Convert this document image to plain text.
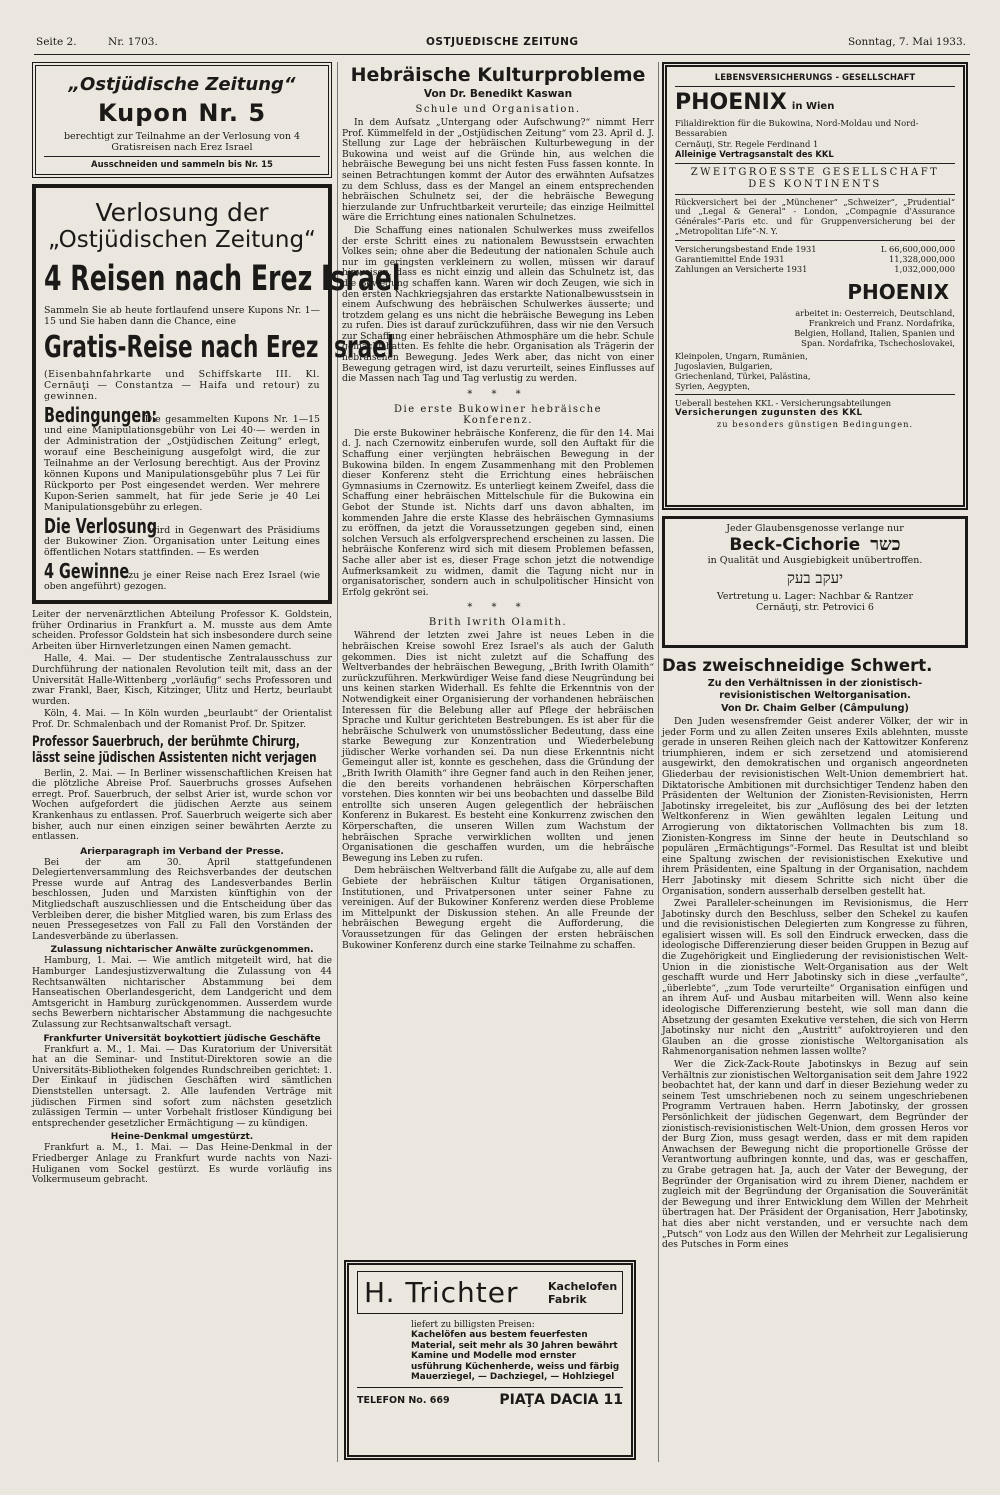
Seite 2.	Nr. 1703.	OSTJUEDISCHE ZEITUNG	Sonntag, 7. Mai 1933.
„Ostjüdische Zeitung“
Kupon Nr. 5

berechtigt zur Teilnahme an der Verlosung von 4 Gratisreisen nach Erez Israel

Ausschneiden und sammeln bis Nr. 15
Verlosung der
„Ostjüdischen Zeitung“
4 Reisen nach Erez Israel

Sammeln Sie ab heute fortlaufend unsere Kupons Nr. 1—15 und Sie haben dann die Chance, eine

Gratis-Reise nach Erez Israel

(Eisenbahnfahrkarte und Schiffskarte III. Kl. Cernăuţi — Constantza — Haifa und retour) zu gewinnen.

Bedingungen: Die gesammelten Kupons Nr. 1—15 und eine Manipulationsgebühr von Lei 40·— werden in der Administration der „Ostjüdischen Zeitung“ erlegt, worauf eine Bescheinigung ausgefolgt wird, die zur Teilnahme an der Verlosung berechtigt. Aus der Provinz können Kupons und Manipulationsgebühr plus 7 Lei für Rückporto per Post eingesendet werden. Wer mehrere Kupon-Serien sammelt, hat für jede Serie je 40 Lei Manipulationsgebühr zu erlegen.

Die Verlosung wird in Gegenwart des Präsidiums der Bukowiner Zion. Organisation unter Leitung eines öffentlichen Notars stattfinden. — Es werden

4 Gewinne zu je einer Reise nach Erez Israel (wie oben angeführt) gezogen.

Leiter der nervenärztlichen Abteilung Professor K. Goldstein, früher Ordinarius in Frankfurt a. M. musste aus dem Amte scheiden. Professor Goldstein hat sich insbesondere durch seine Arbeiten über Hirnverletzungen einen Namen gemacht.

Halle, 4. Mai. — Der studentische Zentralausschuss zur Durchführung der nationalen Revolution teilt mit, dass an der Universität Halle-Wittenberg „vorläufig“ sechs Professoren und zwar Frankl, Baer, Kisch, Kitzinger, Ulitz und Hertz, beurlaubt wurden.

Köln, 4. Mai. — In Köln wurden „beurlaubt“ der Orientalist Prof. Dr. Schmalenbach und der Romanist Prof. Dr. Spitzer.

Professor Sauerbruch, der berühmte Chirurg, lässt seine jüdischen Assistenten nicht verjagen

Berlin, 2. Mai. — In Berliner wissenschaftlichen Kreisen hat die plötzliche Abreise Prof. Sauerbruchs grosses Aufsehen erregt. Prof. Sauerbruch, der selbst Arier ist, wurde schon vor Wochen aufgefordert die jüdischen Aerzte aus seinem Krankenhaus zu entlassen. Prof. Sauerbruch weigerte sich aber bisher, auch nur einen einzigen seiner bewährten Aerzte zu entlassen.

Arierparagraph im Verband der Presse.

Bei der am 30. April stattgefundenen Delegiertenversammlung des Reichsverbandes der deutschen Presse wurde auf Antrag des Landesverbandes Berlin beschlossen, Juden und Marxisten künftighin von der Mitgliedschaft auszuschliessen und die Entscheidung über das Verbleiben derer, die bisher Mitglied waren, bis zum Erlass des neuen Pressegesetzes von Fall zu Fall den Vorständen der Landesverbände zu überlassen.

Zulassung nichtarischer Anwälte zurückgenommen.

Hamburg, 1. Mai. — Wie amtlich mitgeteilt wird, hat die Hamburger Landesjustizverwaltung die Zulassung von 44 Rechtsanwälten nichtarischer Abstammung bei dem Hanseatischen Oberlandesgericht, dem Landgericht und dem Amtsgericht in Hamburg zurückgenommen. Ausserdem wurde sechs Bewerbern nichtarischer Abstammung die nachgesuchte Zulassung zur Rechtsanwaltschaft versagt.

Frankfurter Universität boykottiert jüdische Geschäfte

Frankfurt a. M., 1. Mai. — Das Kuratorium der Universität hat an die Seminar- und Institut-Direktoren sowie an die Universitäts-Bibliotheken folgendes Rundschreiben gerichtet: 1. Der Einkauf in jüdischen Geschäften wird sämtlichen Dienststellen untersagt. 2. Alle laufenden Verträge mit jüdischen Firmen sind sofort zum nächsten gesetzlich zulässigen Termin — unter Vorbehalt fristloser Kündigung bei entsprechender gesetzlicher Ermächtigung — zu kündigen.

Heine-Denkmal umgestürzt.

Frankfurt a. M., 1. Mai. — Das Heine-Denkmal in der Friedberger Anlage zu Frankfurt wurde nachts von Nazi-Huliganen vom Sockel gestürzt. Es wurde vorläufig ins Volkermuseum gebracht.

Hebräische Kulturprobleme
Von Dr. Benedikt Kaswan
Schule und Organisation.

In dem Aufsatz „Untergang oder Aufschwung?“ nimmt Herr Prof. Kümmelfeld in der „Ostjüdischen Zeitung“ vom 23. April d. J. Stellung zur Lage der hebräischen Kulturbewegung in der Bukowina und weist auf die Gründe hin, aus welchen die hebräische Bewegung bei uns nicht festen Fuss fassen konnte. In seinen Betrachtungen kommt der Autor des erwähnten Aufsatzes zu dem Schluss, dass es der Mangel an einem entsprechenden hebräischen Schulnetz sei, der die hebräische Bewegung hierzulande zur Unfruchtbarkeit verurteile; das einzige Heilmittel wäre die Errichtung eines nationalen Schulnetzes.

Die Schaffung eines nationalen Schulwerkes muss zweifellos der erste Schritt eines zu nationalem Bewusstsein erwachten Volkes sein; ohne aber die Bedeutung der nationalen Schule auch nur im geringsten verkleinern zu wollen, müssen wir darauf hinweisen, dass es nicht einzig und allein das Schulnetz ist, das die Bewegung schaffen kann. Waren wir doch Zeugen, wie sich in den ersten Nachkriegsjahren das erstarkte Nationalbewusstsein in einem Aufschwung des hebräischen Schulwerkes äusserte; und trotzdem gelang es uns nicht die hebräische Bewegung ins Leben zu rufen. Dies ist darauf zurückzuführen, dass wir nie den Versuch zur Schaffung einer hebräischen Athmosphäre um die hebr. Schule gemacht hatten. Es fehlte die hebr. Organisation als Trägerin der hebräischen Bewegung. Jedes Werk aber, das nicht von einer Bewegung getragen wird, ist dazu verurteilt, seines Einflusses auf die Massen nach Tag und Tag verlustig zu werden.

* * *
Die erste Bukowiner hebräische Konferenz.

Die erste Bukowiner hebräische Konferenz, die für den 14. Mai d. J. nach Czernowitz einberufen wurde, soll den Auftakt für die Schaffung einer verjüngten hebräischen Bewegung in der Bukowina bilden. In engem Zusammenhang mit den Problemen dieser Konferenz steht die Errichtung eines hebräischen Gymnasiums in Czernowitz. Es unterliegt keinem Zweifel, dass die Schaffung einer hebräischen Mittelschule für die Bukowina ein Gebot der Stunde ist. Nichts darf uns davon abhalten, im kommenden Jahre die erste Klasse des hebräischen Gymnasiums zu eröffnen, da jetzt die Voraussetzungen gegeben sind, einen solchen Versuch als erfolgversprechend erscheinen zu lassen. Die hebräische Konferenz wird sich mit diesem Problemen befassen, Sache aller aber ist es, dieser Frage schon jetzt die notwendige Aufmerksamkeit zu widmen, damit die Tagung nicht nur in organisatorischer, sondern auch in schulpolitischer Hinsicht von Erfolg gekrönt sei.

* * *
Brith Iwrith Olamith.

Während der letzten zwei Jahre ist neues Leben in die hebräischen Kreise sowohl Erez Israel's als auch der Galuth gekommen. Dies ist nicht zuletzt auf die Schaffung des Weltverbandes der hebräischen Bewegung, „Brith Iwrith Olamith“ zurückzuführen. Merkwürdiger Weise fand diese Neugründung bei uns keinen starken Widerhall. Es fehlte die Erkenntnis von der Notwendigkeit einer Organisierung der vorhandenen hebräischen Interessen für die Belebung aller auf Pflege der hebräischen Sprache und Kultur gerichteten Bestrebungen. Es ist aber für die hebräische Schulwerk von unumstösslicher Bedeutung, dass eine starke Bewegung zur Konzentration und Wiederbelebung jüdischer Werke vorhanden sei. Da nun diese Erkenntnis nicht Gemeingut aller ist, konnte es geschehen, dass die Gründung der „Brith Iwrith Olamith“ ihre Gegner fand auch in den Reihen jener, die den bereits vorhandenen hebräischen Körperschaften vorstehen. Dies konnten wir bei uns beobachten und dasselbe Bild entrollte sich unseren Augen gelegentlich der hebräischen Konferenz in Bukarest. Es besteht eine Konkurrenz zwischen den Körperschaften, die unseren Willen zum Wachstum der hebräischen Sprache verwirklichen wollten und jenen Organisationen die geschaffen wurden, um die hebräische Bewegung ins Leben zu rufen.

Dem hebräischen Weltverband fällt die Aufgabe zu, alle auf dem Gebiete der hebräischen Kultur tätigen Organisationen, Institutionen, und Privatpersonen unter seiner Fahne zu vereinigen. Auf der Bukowiner Konferenz werden diese Probleme im Mittelpunkt der Diskussion stehen. An alle Freunde der hebräischen Bewegung ergeht die Aufforderung, die Voraussetzungen für das Gelingen der ersten hebräischen Bukowiner Konferenz durch eine starke Teilnahme zu schaffen.

H. Trichter	Kachelofen Fabrik

liefert zu billigsten Preisen:

Kachelöfen aus bestem feuerfesten Material, seit mehr als 30 Jahren bewährt

Kamine und Modelle mod ernster usführung Küchenherde, weiss und färbig

Mauerziegel, — Dachziegel, — Hohlziegel

TELEFON No. 669	PIAŢA DACIA 11
LEBENSVERSICHERUNGS - GESELLSCHAFT
PHOENIX in Wien

Filialdirektion für die Bukowina, Nord-Moldau und Nord-Bessarabien

Cernăuţi, Str. Regele Ferdinand 1

Alleinige Vertragsanstalt des KKL

ZWEITGROESSTE GESELLSCHAFT DES KONTINENTS

Rückversichert bei der „Münchener“ „Schweizer“, „Prudential“ und „Legal & General“ - London, „Compagnie d'Assurance Générales“-Paris etc. und für Gruppenversicherung bei der „Metropolitan Life“-N. Y.

Versicherungsbestand Ende 1931	L 66,600,000,000
Garantiemittel Ende 1931	11,328,000,000
Zahlungen an Versicherte 1931	1,032,000,000
PHOENIX

arbeitet in: Oesterreich, Deutschland, Frankreich und Franz. Nordafrika, Belgien, Holland, Italien, Spanien und Span. Nordafrika, Tschechoslovakei,

Kleinpolen, Ungarn, Rumänien, Jugoslavien, Bulgarien, Griechenland, Türkei, Palästina, Syrien, Aegypten,

Ueberall bestehen KKL - Versicherungsabteilungen

Versicherungen zugunsten des KKL

zu besonders günstigen Bedingungen.

Jeder Glaubensgenosse verlange nur
Beck-Cichorie כשר
in Qualität und Ausgiebigkeit unübertroffen.
יעקב בעק
Vertretung u. Lager: Nachbar & Rantzer
Cernăuţi, str. Petrovici 6
Das zweischneidige Schwert.
Zu den Verhältnissen in der zionistisch-revisionistischen Weltorganisation.
Von Dr. Chaim Gelber (Câmpulung)

Den Juden wesensfremder Geist anderer Völker, der wir in jeder Form und zu allen Zeiten unseres Exils ablehnten, musste gerade in unseren Reihen gleich nach der Kattowitzer Konferenz triumphieren, indem er sich zersetzend und atomisierend ausgewirkt, den demokratischen und organisch angeordneten Gliederbau der revisionistischen Welt-Union demembriert hat. Diktatorische Ambitionen mit durchsichtiger Tendenz haben den Präsidenten der Weltunion der Zionisten-Revisionisten, Herrn Jabotinsky irregeleitet, bis zur „Auflösung des bei der letzten Weltkonferenz in Wien gewählten legalen Leitung und Arrogierung von diktatorischen Vollmachten bis zum 18. Zionisten-Kongress im Sinne der heute in Deutschland so populären „Ermächtigungs“-Formel. Das Resultat ist und bleibt eine Spaltung zwischen der revisionistischen Exekutive und ihrem Präsidenten, eine Spaltung in der Organisation, nachdem Herr Jabotinsky mit diesem Schritte sich nicht über die Organisation, sondern ausserhalb derselben gestellt hat.

Zwei Paralleler-scheinungen im Revisionismus, die Herr Jabotinsky durch den Beschluss, selber den Schekel zu kaufen und die revisionistischen Delegierten zum Kongresse zu führen, egalisiert wissen will. Es soll den Eindruck erwecken, dass die ideologische Differenzierung dieser beiden Gruppen in Bezug auf die Zugehörigkeit und Eingliederung der revisionistischen Welt-Union in die zionistische Welt-Organisation aus der Welt geschafft wurde und Herr Jabotinsky sich in diese „verfaulte“, „überlebte“, „zum Tode verurteilte“ Organisation einfügen und an ihrem Auf- und Ausbau mitarbeiten will. Wenn also keine ideologische Differenzierung besteht, wie soll man dann die Absetzung der gesamten Exekutive verstehen, die sich von Herrn Jabotinsky nur nicht den „Austritt“ aufoktroyieren und den Glauben an die grosse zionistische Weltorganisation als Rahmenorganisation nehmen lassen wollte?

Wer die Zick-Zack-Route Jabotinskys in Bezug auf sein Verhältnis zur zionistischen Weltorganisation seit dem Jahre 1922 beobachtet hat, der kann und darf in dieser Beziehung weder zu seinem Test umschriebenen noch zu seinem ungeschriebenen Programm Vertrauen haben. Herrn Jabotinsky, der grossen Persönlichkeit der jüdischen Gegenwart, dem Begründer der zionistisch-revisionistischen Welt-Union, dem grossen Heros vor der Burg Zion, muss gesagt werden, dass er mit dem rapiden Anwachsen der Bewegung nicht die proportionelle Grösse der Verantwortung aufbringen konnte, und das, was er geschaffen, zu Grabe getragen hat. Ja, auch der Vater der Bewegung, der Begründer der Organisation wird zu ihrem Diener, nachdem er zugleich mit der Begründung der Organisation die Souveränität der Bewegung und ihrer Entwicklung dem Willen der Mehrheit übertragen hat. Der Präsident der Organisation, Herr Jabotinsky, hat dies aber nicht verstanden, und er versuchte nach dem „Putsch“ von Lodz aus den Willen der Mehrheit zur Legalisierung des Putsches in Form eines
